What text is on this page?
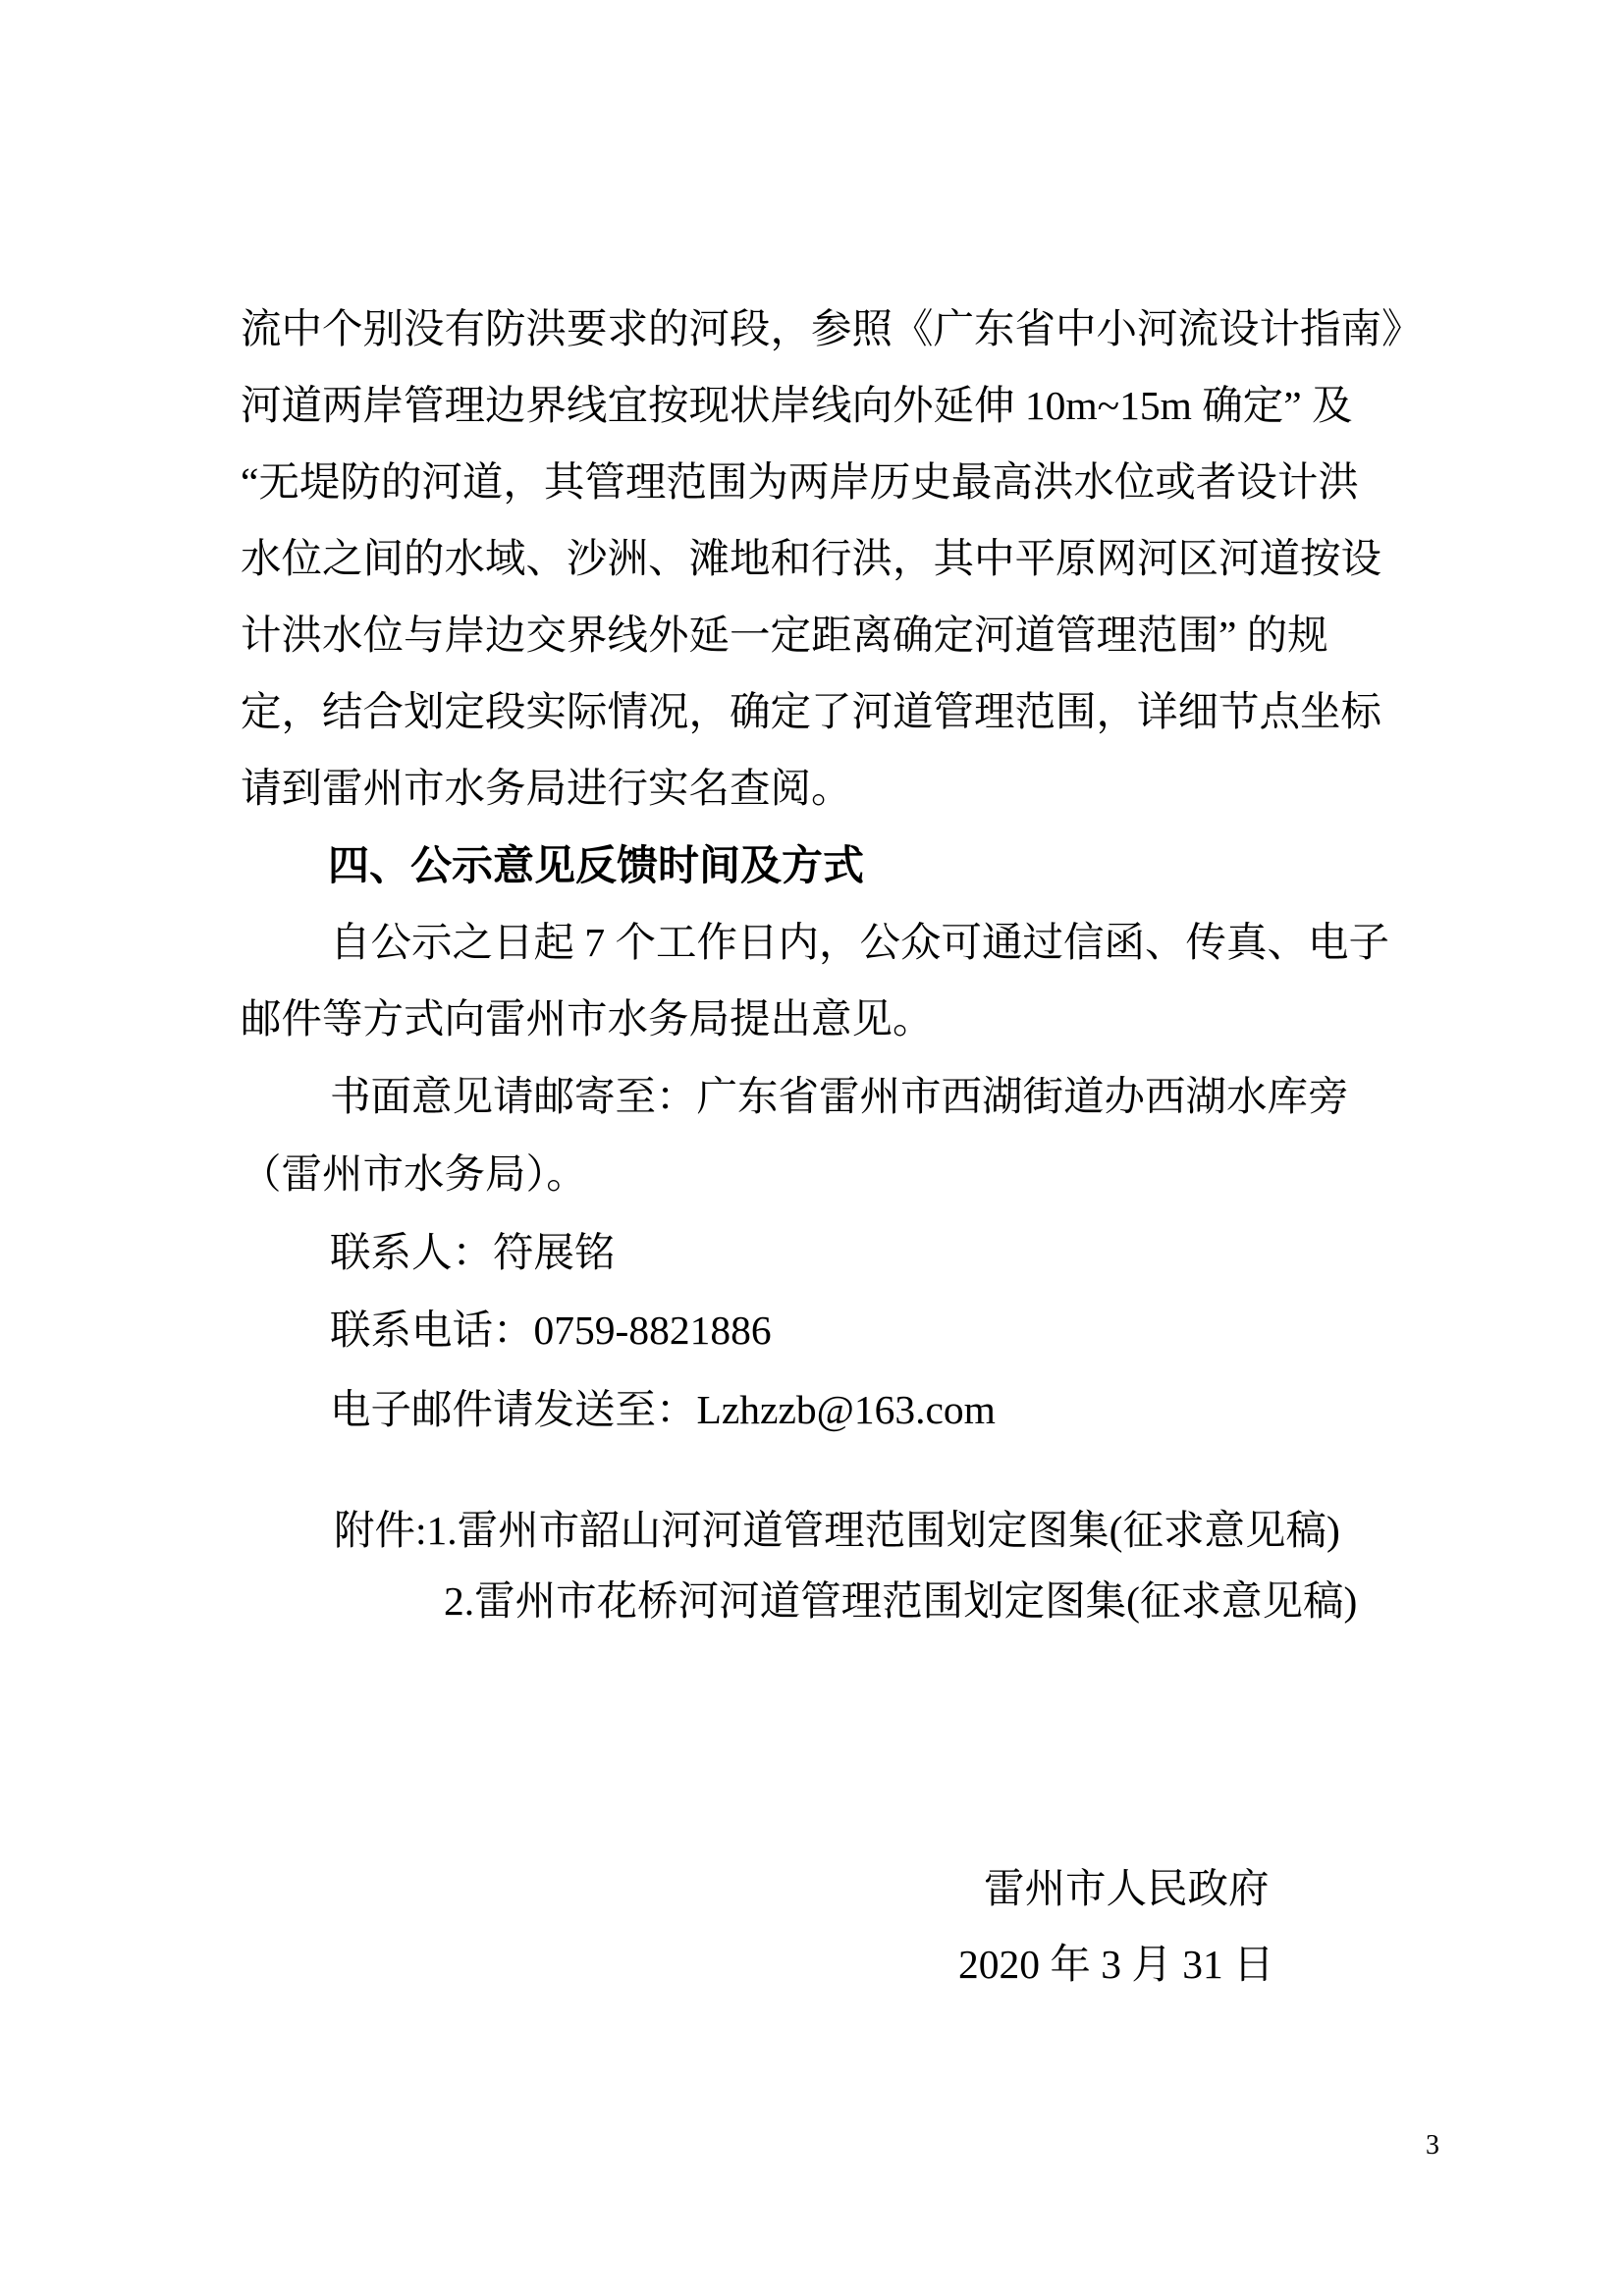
流中个别没有防洪要求的河段，参照《广东省中小河流设计指南》
河道两岸管理边界线宜按现状岸线向外延伸 10m~15m 确定” 及
“无堤防的河道，其管理范围为两岸历史最高洪水位或者设计洪
水位之间的水域、沙洲、滩地和行洪，其中平原网河区河道按设
计洪水位与岸边交界线外延一定距离确定河道管理范围” 的规
定，结合划定段实际情况，确定了河道管理范围，详细节点坐标
请到雷州市水务局进行实名查阅。
四、公示意见反馈时间及方式
自公示之日起 7 个工作日内，公众可通过信函、传真、电子
邮件等方式向雷州市水务局提出意见。
书面意见请邮寄至：广东省雷州市西湖街道办西湖水库旁
（雷州市水务局）。
联系人：符展铭
联系电话：0759-8821886
电子邮件请发送至：Lzhzzb@163.com
附件:1.雷州市韶山河河道管理范围划定图集(征求意见稿)
2.雷州市花桥河河道管理范围划定图集(征求意见稿)
雷州市人民政府
2020 年 3 月 31 日
3
